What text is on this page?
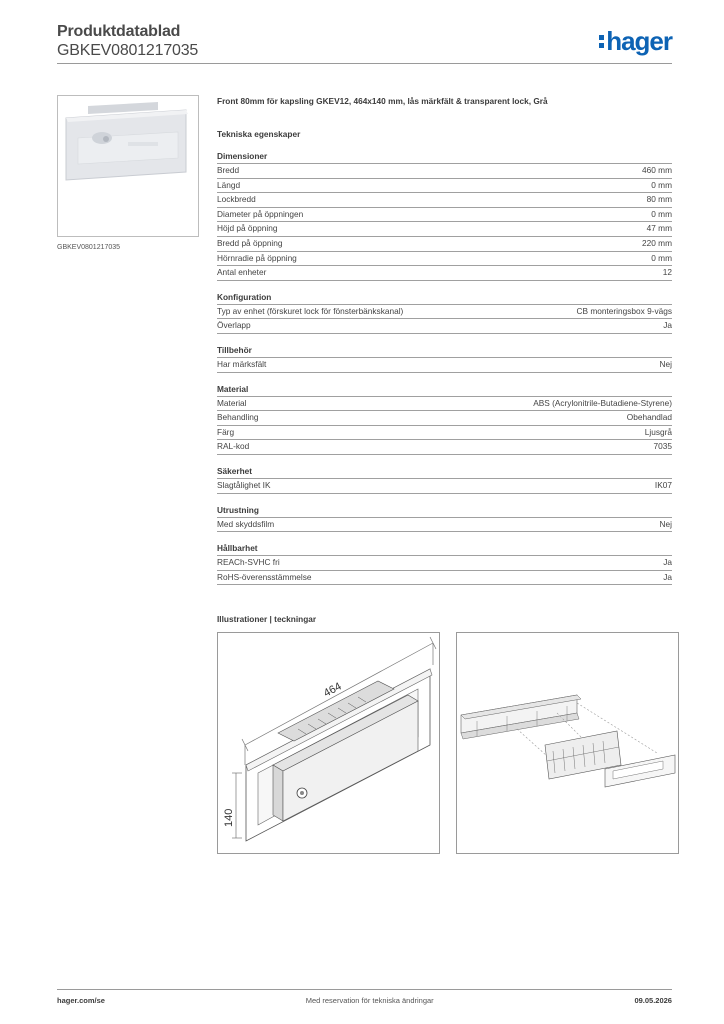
Produktdatablad
GBKEV0801217035	hager
GBKEV0801217035
Front 80mm för kapsling GKEV12, 464x140 mm, lås märkfält & transparent lock, Grå
Tekniska egenskaper
Dimensioner
Bredd	460 mm
Längd	0 mm
Lockbredd	80 mm
Diameter på öppningen	0 mm
Höjd på öppning	47 mm
Bredd på öppning	220 mm
Hörnradie på öppning	0 mm
Antal enheter	12
Konfiguration
Typ av enhet (förskuret lock för fönsterbänkskanal)	CB monteringsbox 9-vägs
Överlapp	Ja
Tillbehör
Har märksfält	Nej
Material
Material	ABS (Acrylonitrile-Butadiene-Styrene)
Behandling	Obehandlad
Färg	Ljusgrå
RAL-kod	7035
Säkerhet
Slagtålighet IK	IK07
Utrustning
Med skyddsfilm	Nej
Hållbarhet
REACh-SVHC fri	Ja
RoHS-överensstämmelse	Ja
Illustrationer | teckningar
464
140
hager.com/se	Med reservation för tekniska ändringar	09.05.2026
